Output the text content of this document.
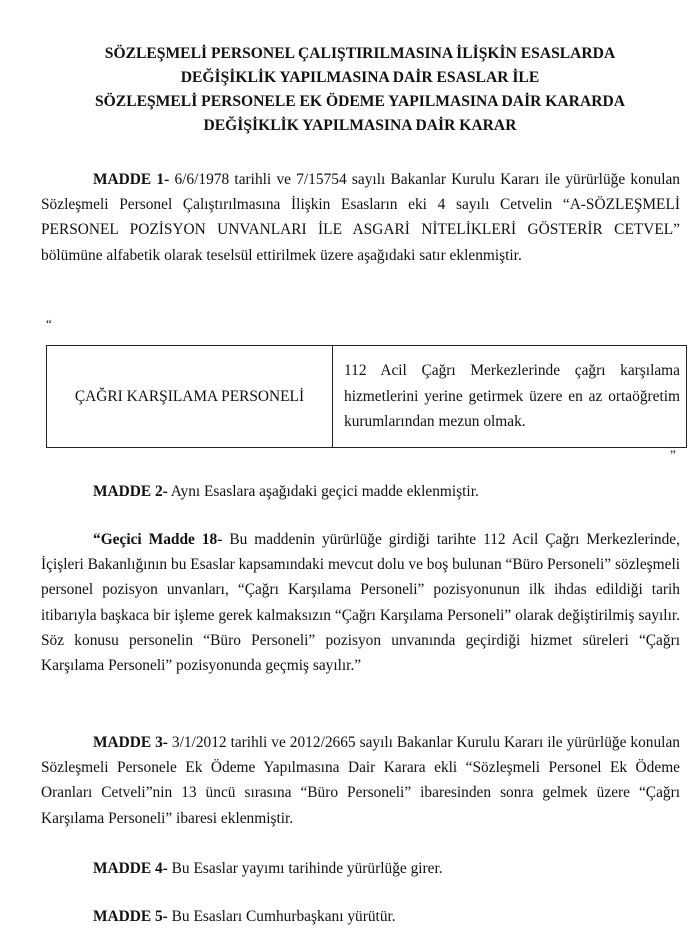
SÖZLEŞMELİ PERSONEL ÇALIŞTIRILMASINA İLİŞKİN ESASLARDA
DEĞİŞİKLİK YAPILMASINA DAİR ESASLAR İLE
SÖZLEŞMELİ PERSONELE EK ÖDEME YAPILMASINA DAİR KARARDA
DEĞİŞİKLİK YAPILMASINA DAİR KARAR

MADDE 1- 6/6/1978 tarihli ve 7/15754 sayılı Bakanlar Kurulu Kararı ile yürürlüğe konulan Sözleşmeli Personel Çalıştırılmasına İlişkin Esasların eki 4 sayılı Cetvelin “A-SÖZLEŞMELİ PERSONEL POZİSYON UNVANLARI İLE ASGARİ NİTELİKLERİ GÖSTERİR CETVEL” bölümüne alfabetik olarak teselsül ettirilmek üzere aşağıdaki satır eklenmiştir.

“
ÇAĞRI KARŞILAMA PERSONELİ	112 Acil Çağrı Merkezlerinde çağrı karşılama hizmetlerini yerine getirmek üzere en az ortaöğretim kurumlarından mezun olmak.
”

MADDE 2- Aynı Esaslara aşağıdaki geçici madde eklenmiştir.

“Geçici Madde 18- Bu maddenin yürürlüğe girdiği tarihte 112 Acil Çağrı Merkezlerinde, İçişleri Bakanlığının bu Esaslar kapsamındaki mevcut dolu ve boş bulunan “Büro Personeli” sözleşmeli personel pozisyon unvanları, “Çağrı Karşılama Personeli” pozisyonunun ilk ihdas edildiği tarih itibarıyla başkaca bir işleme gerek kalmaksızın “Çağrı Karşılama Personeli” olarak değiştirilmiş sayılır. Söz konusu personelin “Büro Personeli” pozisyon unvanında geçirdiği hizmet süreleri “Çağrı Karşılama Personeli” pozisyonunda geçmiş sayılır.”

MADDE 3- 3/1/2012 tarihli ve 2012/2665 sayılı Bakanlar Kurulu Kararı ile yürürlüğe konulan Sözleşmeli Personele Ek Ödeme Yapılmasına Dair Karara ekli “Sözleşmeli Personel Ek Ödeme Oranları Cetveli”nin 13 üncü sırasına “Büro Personeli” ibaresinden sonra gelmek üzere “Çağrı Karşılama Personeli” ibaresi eklenmiştir.

MADDE 4- Bu Esaslar yayımı tarihinde yürürlüğe girer.

MADDE 5- Bu Esasları Cumhurbaşkanı yürütür.
